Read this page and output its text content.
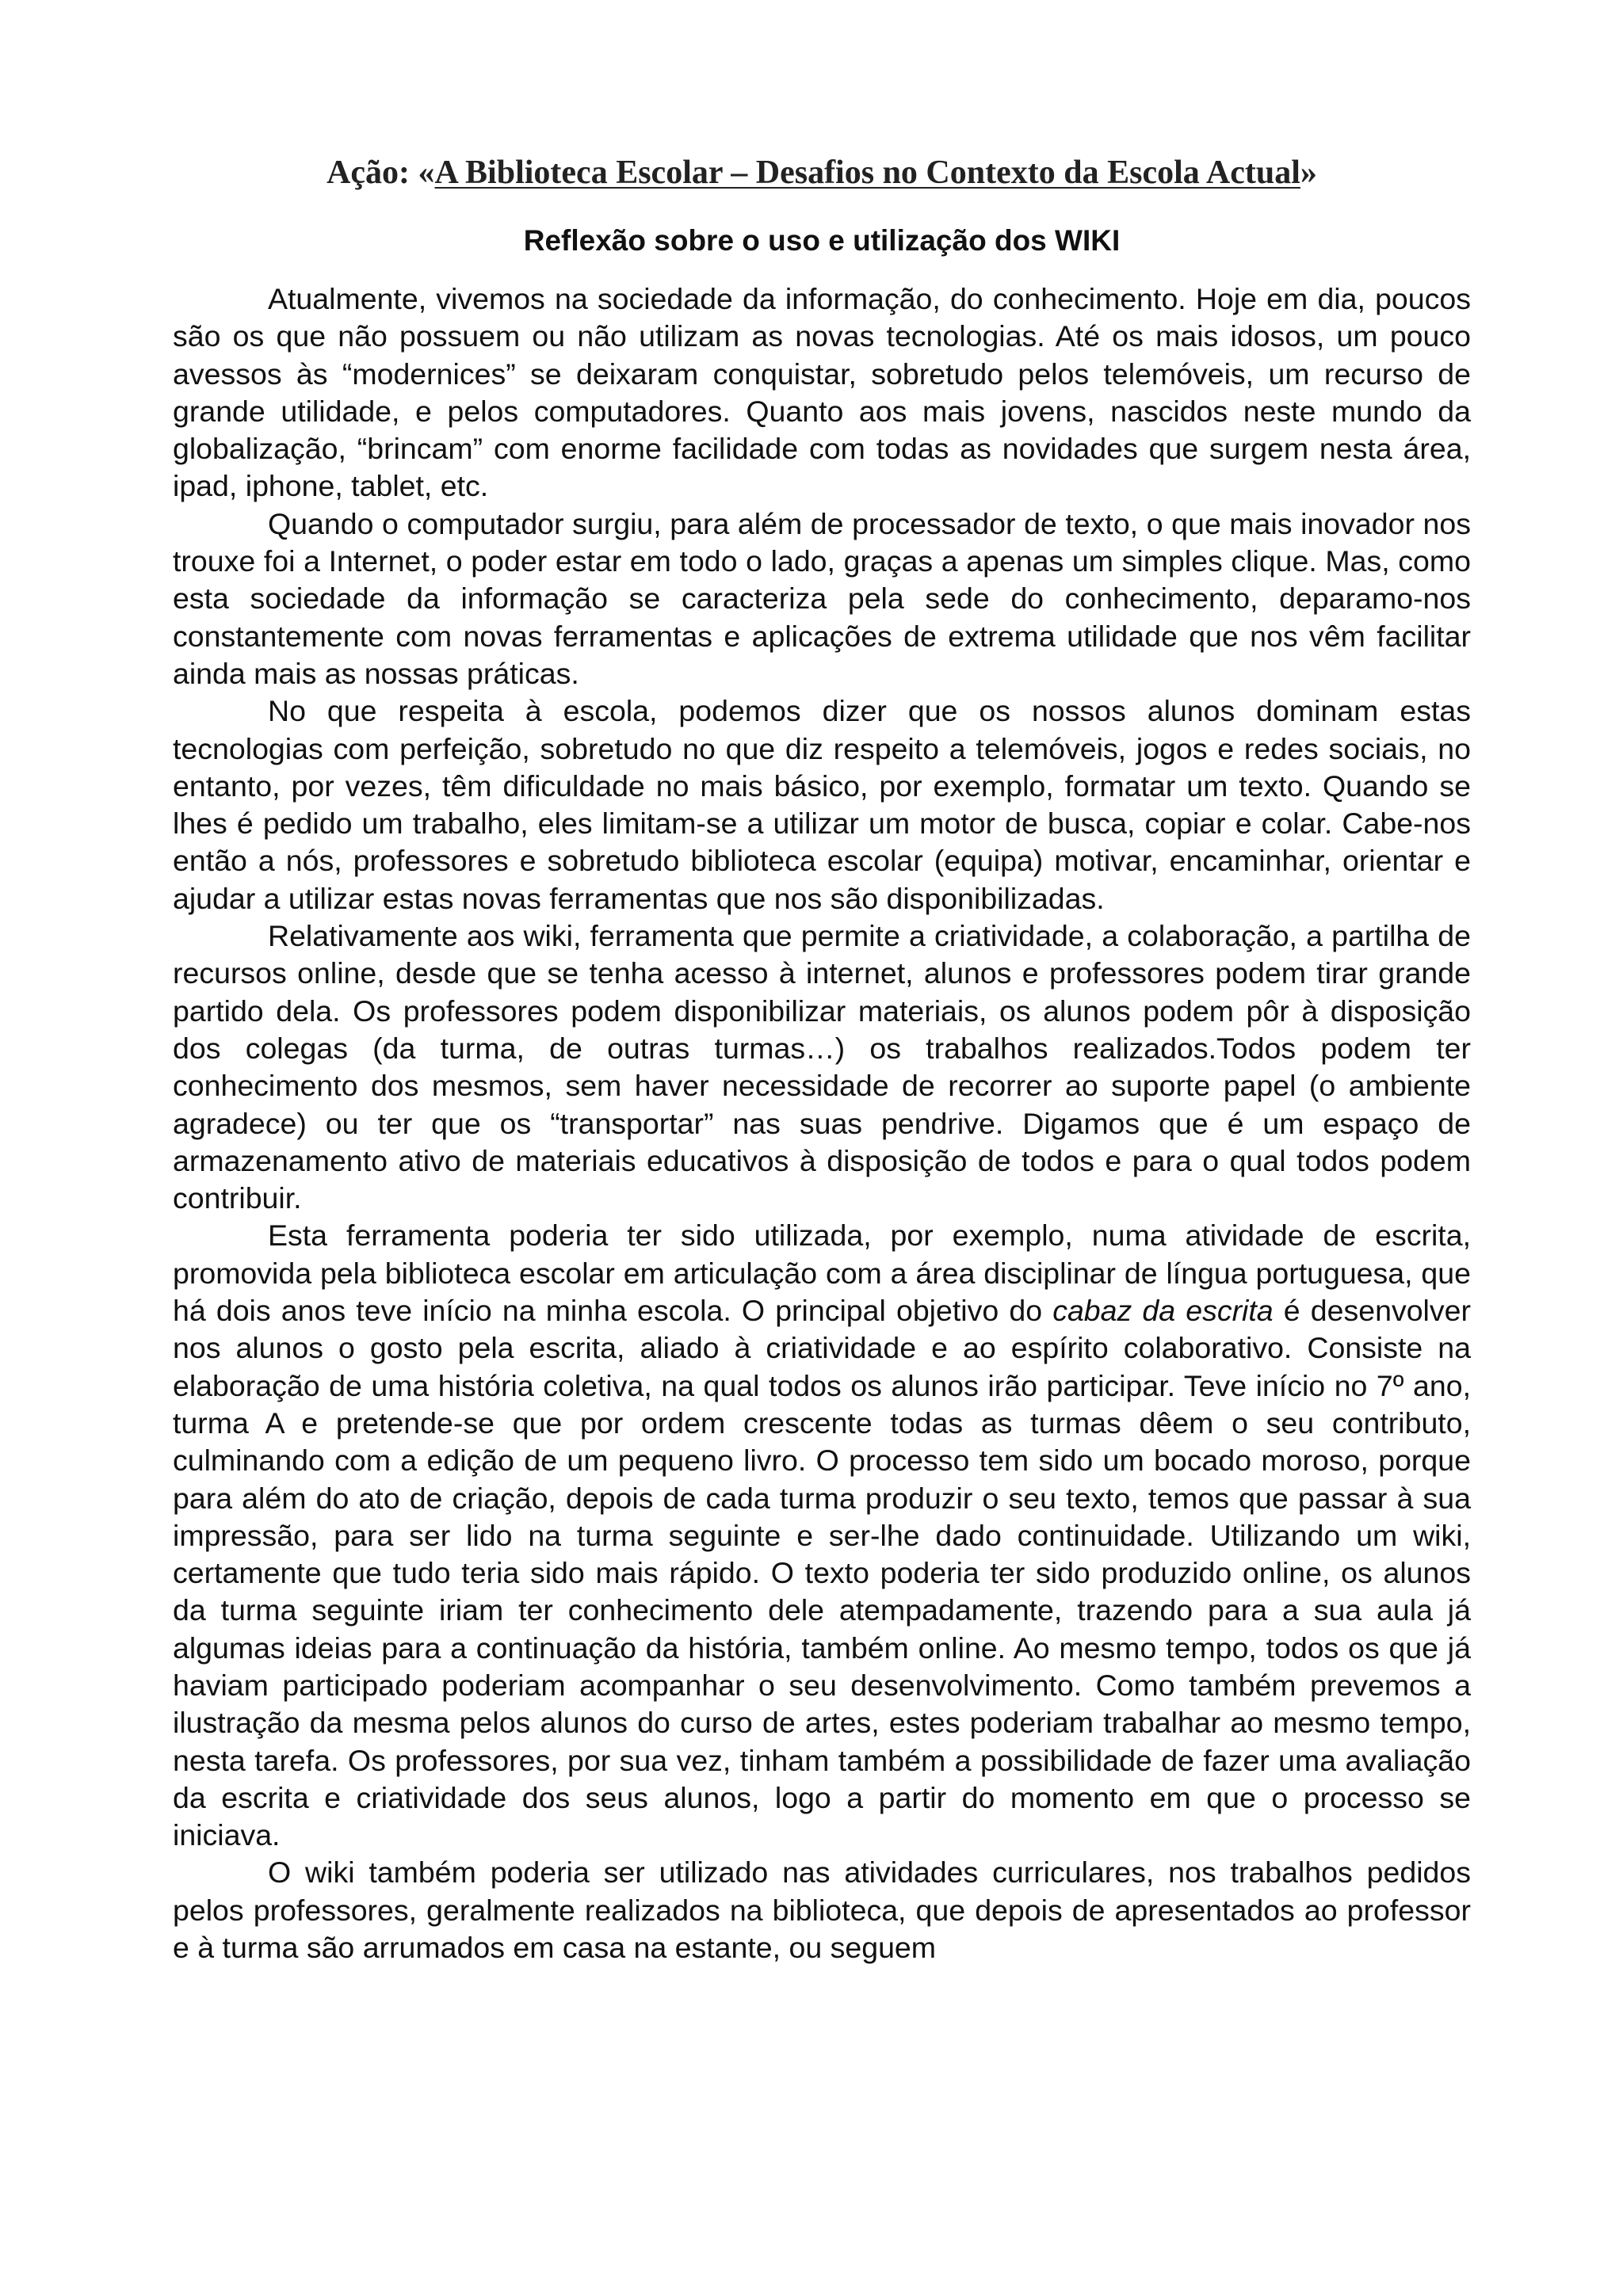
Ação: «A Biblioteca Escolar – Desafios no Contexto da Escola Actual»
Reflexão sobre o uso e utilização dos WIKI

Atualmente, vivemos na sociedade da informação, do conhecimento. Hoje em dia, poucos são os que não possuem ou não utilizam as novas tecnologias. Até os mais idosos, um pouco avessos às “modernices” se deixaram conquistar, sobretudo pelos telemóveis, um recurso de grande utilidade, e pelos computadores. Quanto aos mais jovens, nascidos neste mundo da globalização, “brincam” com enorme facilidade com todas as novidades que surgem nesta área, ipad, iphone, tablet, etc.

Quando o computador surgiu, para além de processador de texto, o que mais inovador nos trouxe foi a Internet, o poder estar em todo o lado, graças a apenas um simples clique. Mas, como esta sociedade da informação se caracteriza pela sede do conhecimento, deparamo-nos constantemente com novas ferramentas e aplicações de extrema utilidade que nos vêm facilitar ainda mais as nossas práticas.

No que respeita à escola, podemos dizer que os nossos alunos dominam estas tecnologias com perfeição, sobretudo no que diz respeito a telemóveis, jogos e redes sociais, no entanto, por vezes, têm dificuldade no mais básico, por exemplo, formatar um texto. Quando se lhes é pedido um trabalho, eles limitam-se a utilizar um motor de busca, copiar e colar. Cabe-nos então a nós, professores e sobretudo biblioteca escolar (equipa) motivar, encaminhar, orientar e ajudar a utilizar estas novas ferramentas que nos são disponibilizadas.

Relativamente aos wiki, ferramenta que permite a criatividade, a colaboração, a partilha de recursos online, desde que se tenha acesso à internet, alunos e professores podem tirar grande partido dela. Os professores podem disponibilizar materiais, os alunos podem pôr à disposição dos colegas (da turma, de outras turmas…) os trabalhos realizados.Todos podem ter conhecimento dos mesmos, sem haver necessidade de recorrer ao suporte papel (o ambiente agradece) ou ter que os “transportar” nas suas pendrive. Digamos que é um espaço de armazenamento ativo de materiais educativos à disposição de todos e para o qual todos podem contribuir.

Esta ferramenta poderia ter sido utilizada, por exemplo, numa atividade de escrita, promovida pela biblioteca escolar em articulação com a área disciplinar de língua portuguesa, que há dois anos teve início na minha escola. O principal objetivo do cabaz da escrita é desenvolver nos alunos o gosto pela escrita, aliado à criatividade e ao espírito colaborativo. Consiste na elaboração de uma história coletiva, na qual todos os alunos irão participar. Teve início no 7º ano, turma A e pretende-se que por ordem crescente todas as turmas dêem o seu contributo, culminando com a edição de um pequeno livro. O processo tem sido um bocado moroso, porque para além do ato de criação, depois de cada turma produzir o seu texto, temos que passar à sua impressão, para ser lido na turma seguinte e ser-lhe dado continuidade. Utilizando um wiki, certamente que tudo teria sido mais rápido. O texto poderia ter sido produzido online, os alunos da turma seguinte iriam ter conhecimento dele atempadamente, trazendo para a sua aula já algumas ideias para a continuação da história, também online. Ao mesmo tempo, todos os que já haviam participado poderiam acompanhar o seu desenvolvimento. Como também prevemos a ilustração da mesma pelos alunos do curso de artes, estes poderiam trabalhar ao mesmo tempo, nesta tarefa. Os professores, por sua vez, tinham também a possibilidade de fazer uma avaliação da escrita e criatividade dos seus alunos, logo a partir do momento em que o processo se iniciava.

O wiki também poderia ser utilizado nas atividades curriculares, nos trabalhos pedidos pelos professores, geralmente realizados na biblioteca, que depois de apresentados ao professor e à turma são arrumados em casa na estante, ou seguem
